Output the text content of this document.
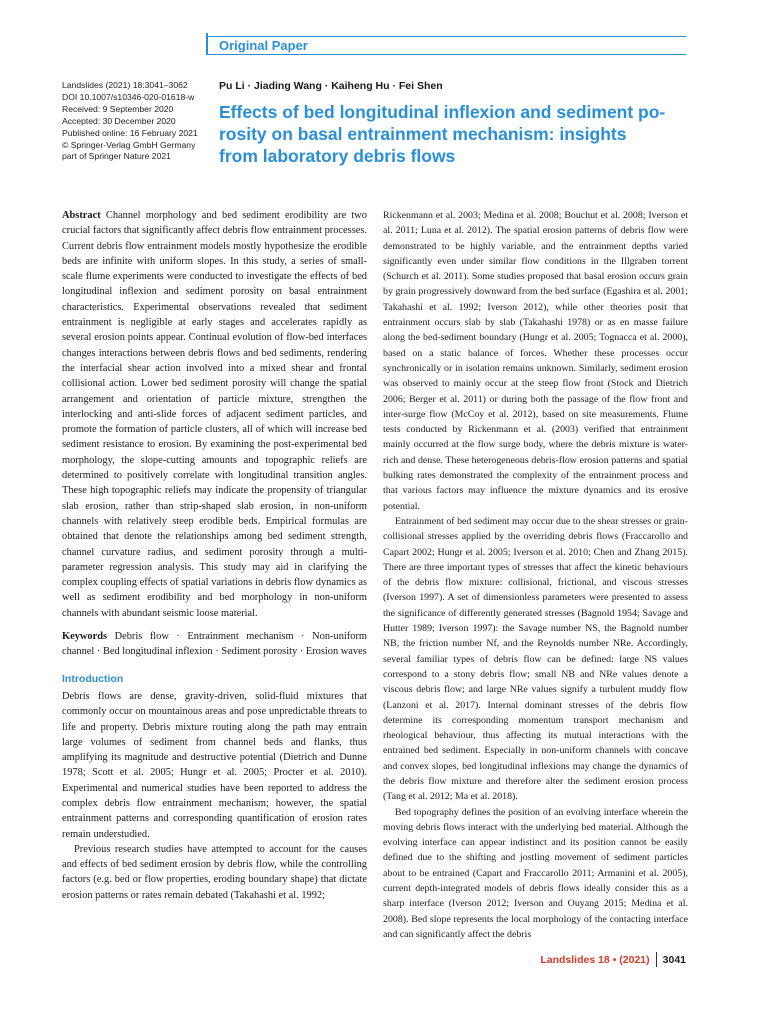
Original Paper
Landslides (2021) 18:3041–3062
DOI 10.1007/s10346-020-01618-w
Received: 9 September 2020
Accepted: 30 December 2020
Published online: 16 February 2021
© Springer-Verlag GmbH Germany
part of Springer Nature 2021
Pu Li · Jiading Wang · Kaiheng Hu · Fei Shen
Effects of bed longitudinal inflexion and sediment po-
rosity on basal entrainment mechanism: insights
from laboratory debris flows

Abstract Channel morphology and bed sediment erodibility are two crucial factors that significantly affect debris flow entrainment processes. Current debris flow entrainment models mostly hypothesize the erodible beds are infinite with uniform slopes. In this study, a series of small-scale flume experiments were conducted to investigate the effects of bed longitudinal inflexion and sediment porosity on basal entrainment characteristics. Experimental observations revealed that sediment entrainment is negligible at early stages and accelerates rapidly as several erosion points appear. Continual evolution of flow-bed interfaces changes interactions between debris flows and bed sediments, rendering the interfacial shear action involved into a mixed shear and frontal collisional action. Lower bed sediment porosity will change the spatial arrangement and orientation of particle mixture, strengthen the interlocking and anti-slide forces of adjacent sediment particles, and promote the formation of particle clusters, all of which will increase bed sediment resistance to erosion. By examining the post-experimental bed morphology, the slope-cutting amounts and topographic reliefs are determined to positively correlate with longitudinal transition angles. These high topographic reliefs may indicate the propensity of triangular slab erosion, rather than strip-shaped slab erosion, in non-uniform channels with relatively steep erodible beds. Empirical formulas are obtained that denote the relationships among bed sediment strength, channel curvature radius, and sediment porosity through a multi-parameter regression analysis. This study may aid in clarifying the complex coupling effects of spatial variations in debris flow dynamics as well as sediment erodibility and bed morphology in non-uniform channels with abundant seismic loose material.

Keywords Debris flow · Entrainment mechanism · Non-uniform channel · Bed longitudinal inflexion · Sediment porosity · Erosion waves

Introduction

Debris flows are dense, gravity-driven, solid-fluid mixtures that commonly occur on mountainous areas and pose unpredictable threats to life and property. Debris mixture routing along the path may entrain large volumes of sediment from channel beds and flanks, thus amplifying its magnitude and destructive potential (Dietrich and Dunne 1978; Scott et al. 2005; Hungr et al. 2005; Procter et al. 2010). Experimental and numerical studies have been reported to address the complex debris flow entrainment mechanism; however, the spatial entrainment patterns and corresponding quantification of erosion rates remain understudied.

Previous research studies have attempted to account for the causes and effects of bed sediment erosion by debris flow, while the controlling factors (e.g. bed or flow properties, eroding boundary shape) that dictate erosion patterns or rates remain debated (Takahashi et al. 1992;

Rickenmann et al. 2003; Medina et al. 2008; Bouchut et al. 2008; Iverson et al. 2011; Luna et al. 2012). The spatial erosion patterns of debris flow were demonstrated to be highly variable, and the entrainment depths varied significantly even under similar flow conditions in the Illgraben torrent (Schurch et al. 2011). Some studies proposed that basal erosion occurs grain by grain progressively downward from the bed surface (Egashira et al. 2001; Takahashi et al. 1992; Iverson 2012), while other theories posit that entrainment occurs slab by slab (Takahashi 1978) or as en masse failure along the bed-sediment boundary (Hungr et al. 2005; Tognacca et al. 2000), based on a static balance of forces. Whether these processes occur synchronically or in isolation remains unknown. Similarly, sediment erosion was observed to mainly occur at the steep flow front (Stock and Dietrich 2006; Berger et al. 2011) or during both the passage of the flow front and inter-surge flow (McCoy et al. 2012), based on site measurements. Flume tests conducted by Rickenmann et al. (2003) verified that entrainment mainly occurred at the flow surge body, where the debris mixture is water-rich and dense. These heterogeneous debris-flow erosion patterns and spatial bulking rates demonstrated the complexity of the entrainment process and that various factors may influence the mixture dynamics and its erosive potential.

Entrainment of bed sediment may occur due to the shear stresses or grain-collisional stresses applied by the overriding debris flows (Fraccarollo and Capart 2002; Hungr et al. 2005; Iverson et al. 2010; Chen and Zhang 2015). There are three important types of stresses that affect the kinetic behaviours of the debris flow mixture: collisional, frictional, and viscous stresses (Iverson 1997). A set of dimensionless parameters were presented to assess the significance of differently generated stresses (Bagnold 1954; Savage and Hutter 1989; Iverson 1997): the Savage number NS, the Bagnold number NB, the friction number Nf, and the Reynolds number NRe. Accordingly, several familiar types of debris flow can be defined: large NS values correspond to a stony debris flow; small NB and NRe values denote a viscous debris flow; and large NRe values signify a turbulent muddy flow (Lanzoni et al. 2017). Internal dominant stresses of the debris flow determine its corresponding momentum transport mechanism and rheological behaviour, thus affecting its mutual interactions with the entrained bed sediment. Especially in non-uniform channels with concave and convex slopes, bed longitudinal inflexions may change the dynamics of the debris flow mixture and therefore alter the sediment erosion process (Tang et al. 2012; Ma et al. 2018).

Bed topography defines the position of an evolving interface wherein the moving debris flows interact with the underlying bed material. Although the evolving interface can appear indistinct and its position cannot be easily defined due to the shifting and jostling movement of sediment particles about to be entrained (Capart and Fraccarollo 2011; Armanini et al. 2005), current depth-integrated models of debris flows ideally consider this as a sharp interface (Iverson 2012; Iverson and Ouyang 2015; Medina et al. 2008). Bed slope represents the local morphology of the contacting interface and can significantly affect the debris

Landslides 18 • (2021) 3041
